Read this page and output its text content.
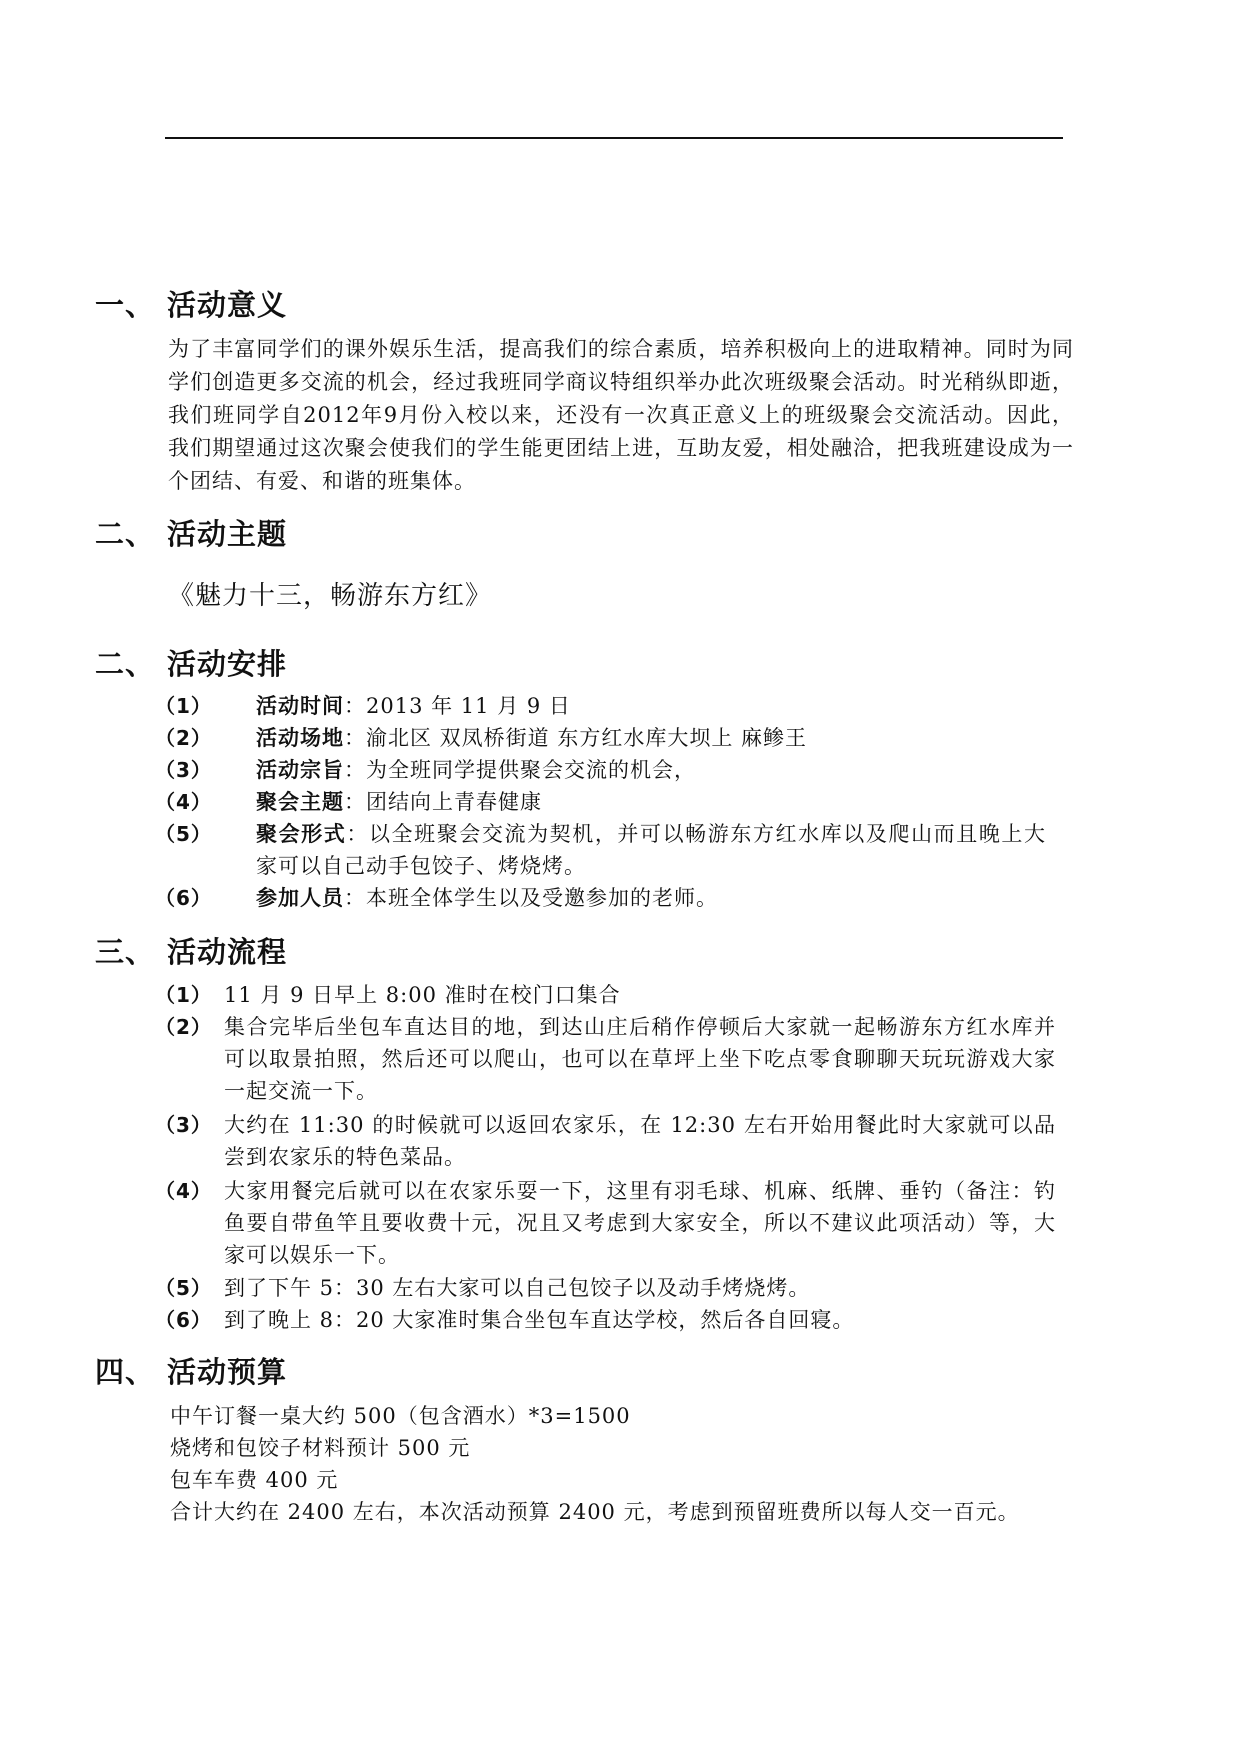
一、 活动意义

为了丰富同学们的课外娱乐生活，提高我们的综合素质，培养积极向上的进取精神。同时为同学们创造更多交流的机会，经过我班同学商议特组织举办此次班级聚会活动。时光稍纵即逝，我们班同学自2012年9月份入校以来，还没有一次真正意义上的班级聚会交流活动。因此，我们期望通过这次聚会使我们的学生能更团结上进，互助友爱，相处融洽，把我班建设成为一个团结、有爱、和谐的班集体。

二、 活动主题

《魅力十三，畅游东方红》

二、 活动安排
（1） 活动时间：2013 年 11 月 9 日
（2） 活动场地：渝北区 双凤桥街道 东方红水库大坝上 麻鲹王
（3） 活动宗旨：为全班同学提供聚会交流的机会，
（4） 聚会主题：团结向上青春健康
（5） 聚会形式：以全班聚会交流为契机，并可以畅游东方红水库以及爬山而且晚上大家可以自己动手包饺子、烤烧烤。
（6） 参加人员：本班全体学生以及受邀参加的老师。
三、 活动流程
（1） 11 月 9 日早上 8:00 准时在校门口集合
（2） 集合完毕后坐包车直达目的地，到达山庄后稍作停顿后大家就一起畅游东方红水库并可以取景拍照，然后还可以爬山，也可以在草坪上坐下吃点零食聊聊天玩玩游戏大家一起交流一下。
（3） 大约在 11:30 的时候就可以返回农家乐，在 12:30 左右开始用餐此时大家就可以品尝到农家乐的特色菜品。
（4） 大家用餐完后就可以在农家乐耍一下，这里有羽毛球、机麻、纸牌、垂钓（备注：钓鱼要自带鱼竿且要收费十元，况且又考虑到大家安全，所以不建议此项活动）等，大家可以娱乐一下。
（5） 到了下午 5：30 左右大家可以自己包饺子以及动手烤烧烤。
（6） 到了晚上 8：20 大家准时集合坐包车直达学校，然后各自回寝。
四、 活动预算

中午订餐一桌大约 500（包含酒水）*3=1500

烧烤和包饺子材料预计 500 元

包车车费 400 元

合计大约在 2400 左右，本次活动预算 2400 元，考虑到预留班费所以每人交一百元。
